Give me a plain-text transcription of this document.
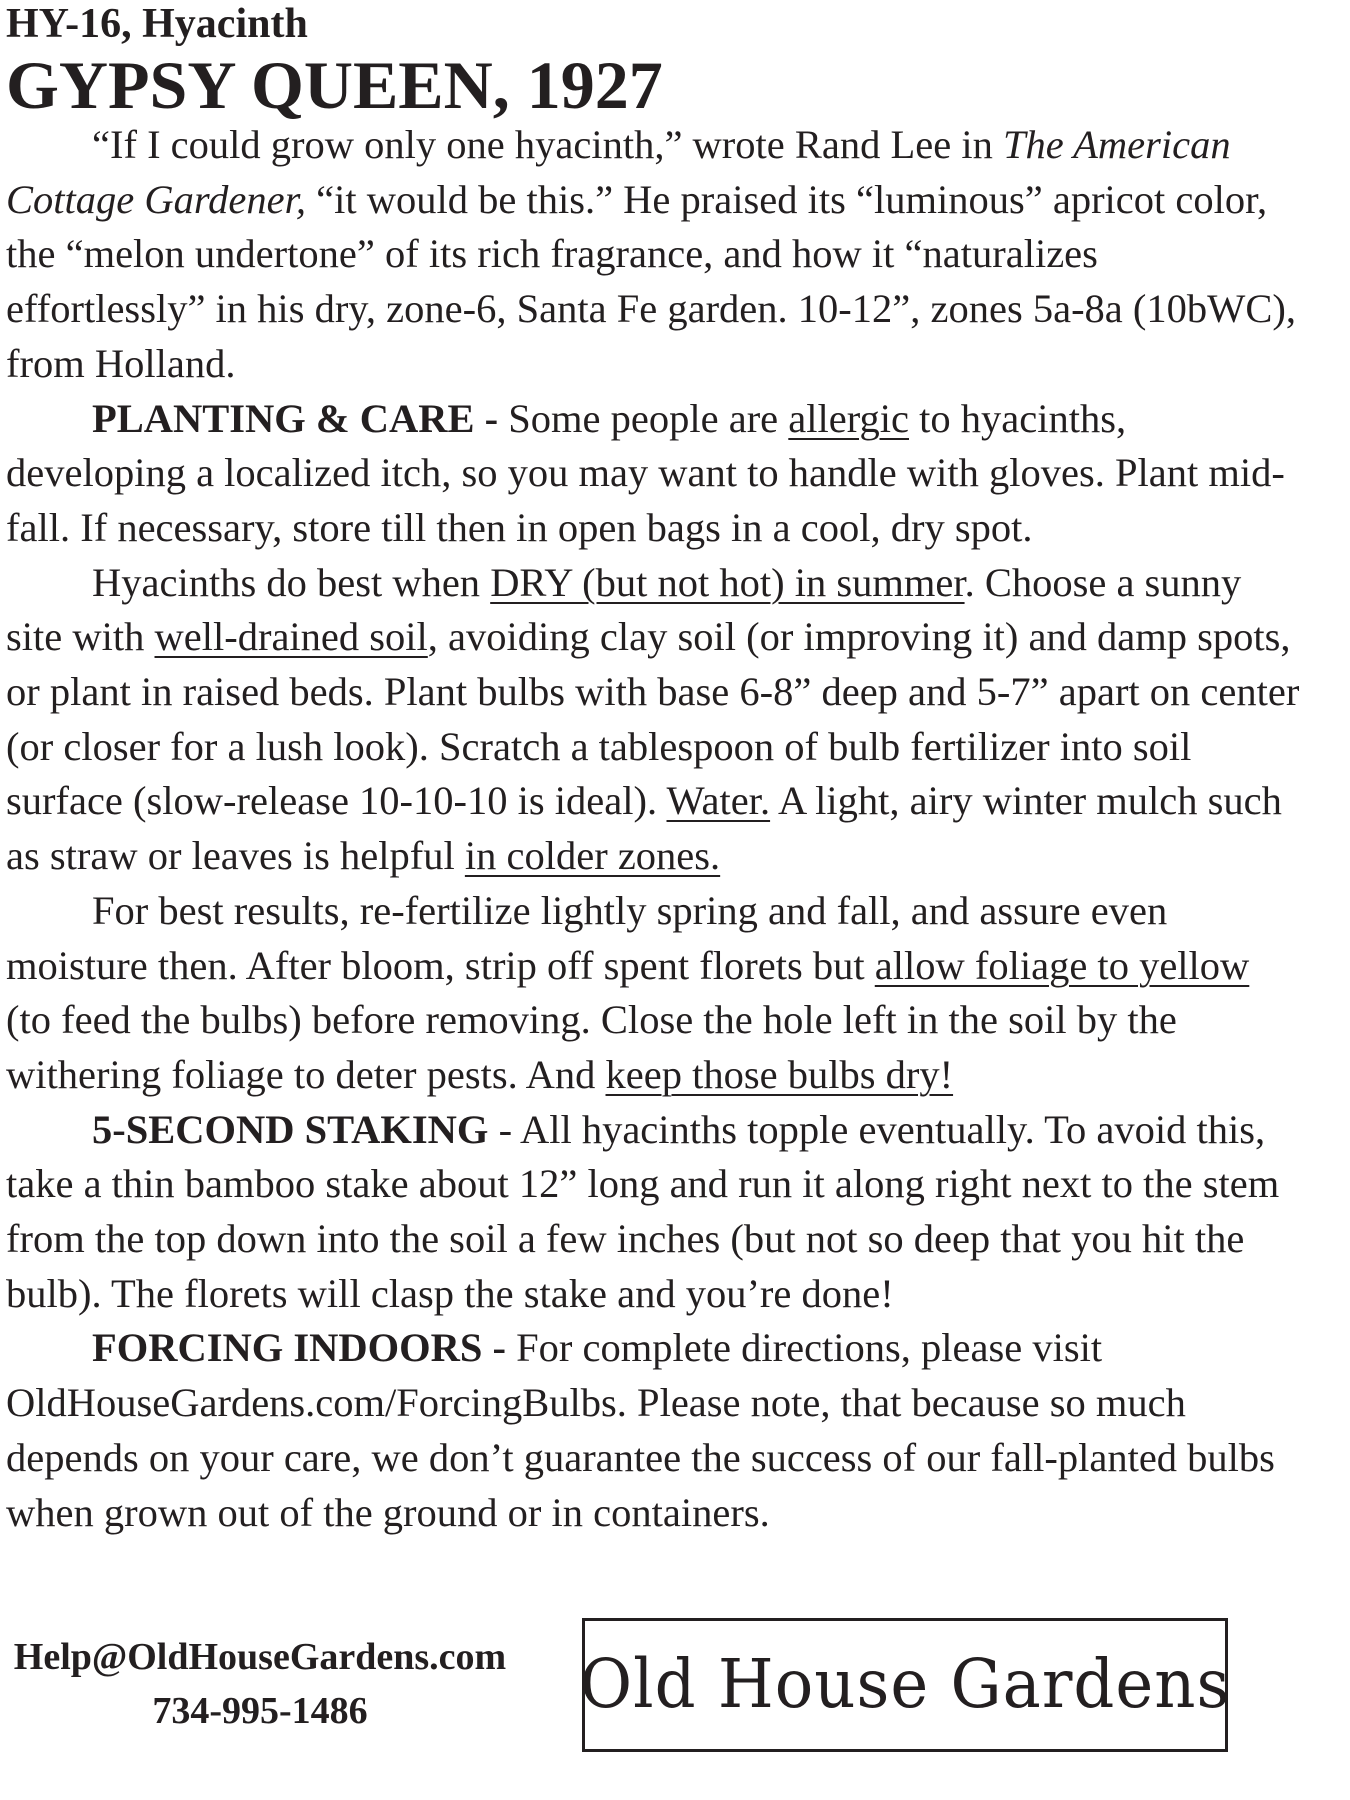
HY-16, Hyacinth
GYPSY QUEEN, 1927

“If I could grow only one hyacinth,” wrote Rand Lee in The American Cottage Gardener, “it would be this.” He praised its “luminous” apricot color, the “melon undertone” of its rich fragrance, and how it “naturalizes effortlessly” in his dry, zone-6, Santa Fe garden. 10-12”, zones 5a-8a (10bWC), from Holland.

PLANTING & CARE - Some people are allergic to hyacinths, developing a localized itch, so you may want to handle with gloves. Plant mid-fall. If necessary, store till then in open bags in a cool, dry spot.

Hyacinths do best when DRY (but not hot) in summer. Choose a sunny site with well-drained soil, avoiding clay soil (or improving it) and damp spots, or plant in raised beds. Plant bulbs with base 6-8” deep and 5-7” apart on center (or closer for a lush look). Scratch a tablespoon of bulb fertilizer into soil surface (slow-release 10-10-10 is ideal). Water. A light, airy winter mulch such as straw or leaves is helpful in colder zones.

For best results, re-fertilize lightly spring and fall, and assure even moisture then. After bloom, strip off spent florets but allow foliage to yellow (to feed the bulbs) before removing. Close the hole left in the soil by the withering foliage to deter pests. And keep those bulbs dry!

5-SECOND STAKING - All hyacinths topple eventually. To avoid this, take a thin bamboo stake about 12” long and run it along right next to the stem from the top down into the soil a few inches (but not so deep that you hit the bulb). The florets will clasp the stake and you’re done!

FORCING INDOORS - For complete directions, please visit OldHouseGardens.com/ForcingBulbs. Please note, that because so much depends on your care, we don’t guarantee the success of our fall-planted bulbs when grown out of the ground or in containers.

Help@OldHouseGardens.com
734-995-1486	Old House Gardens
